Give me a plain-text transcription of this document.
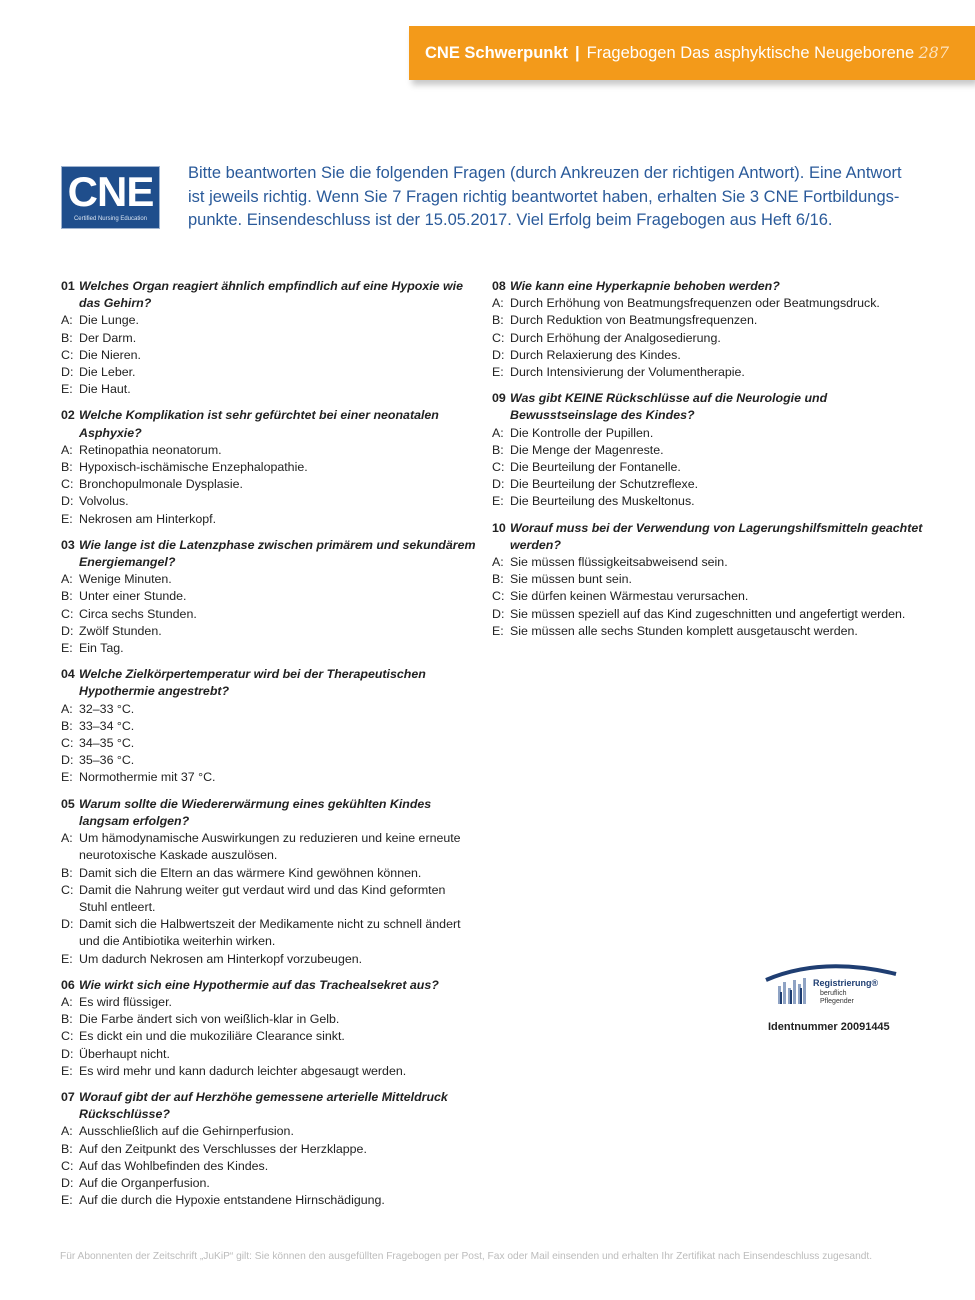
CNE Schwerpunkt | Fragebogen Das asphyktische Neugeborene 287
CNE
Certified Nursing Education
Bitte beantworten Sie die folgenden Fragen (durch Ankreuzen der richtigen Antwort). Eine Antwort ist jeweils richtig. Wenn Sie 7 Fragen richtig beantwortet haben, erhalten Sie 3 CNE Fortbildungspunkte. Einsendeschluss ist der 15.05.2017. Viel Erfolg beim Fragebogen aus Heft 6/16.
01 Welches Organ reagiert ähnlich empfindlich auf eine Hypoxie wie das Gehirn?
A: Die Lunge.
B: Der Darm.
C: Die Nieren.
D: Die Leber.
E: Die Haut.
02 Welche Komplikation ist sehr gefürchtet bei einer neonatalen Asphyxie?
A: Retinopathia neonatorum.
B: Hypoxisch-ischämische Enzephalopathie.
C: Bronchopulmonale Dysplasie.
D: Volvolus.
E: Nekrosen am Hinterkopf.
03 Wie lange ist die Latenzphase zwischen primärem und sekundärem Energiemangel?
A: Wenige Minuten.
B: Unter einer Stunde.
C: Circa sechs Stunden.
D: Zwölf Stunden.
E: Ein Tag.
04 Welche Zielkörpertemperatur wird bei der Therapeutischen Hypothermie angestrebt?
A: 32–33 °C.
B: 33–34 °C.
C: 34–35 °C.
D: 35–36 °C.
E: Normothermie mit 37 °C.
05 Warum sollte die Wiedererwärmung eines gekühlten Kindes langsam erfolgen?
A: Um hämodynamische Auswirkungen zu reduzieren und keine erneute neurotoxische Kaskade auszulösen.
B: Damit sich die Eltern an das wärmere Kind gewöhnen können.
C: Damit die Nahrung weiter gut verdaut wird und das Kind geformten Stuhl entleert.
D: Damit sich die Halbwertszeit der Medikamente nicht zu schnell ändert und die Antibiotika weiterhin wirken.
E: Um dadurch Nekrosen am Hinterkopf vorzubeugen.
06 Wie wirkt sich eine Hypothermie auf das Trachealsekret aus?
A: Es wird flüssiger.
B: Die Farbe ändert sich von weißlich-klar in Gelb.
C: Es dickt ein und die mukoziliäre Clearance sinkt.
D: Überhaupt nicht.
E: Es wird mehr und kann dadurch leichter abgesaugt werden.
07 Worauf gibt der auf Herzhöhe gemessene arterielle Mitteldruck Rückschlüsse?
A: Ausschließlich auf die Gehirnperfusion.
B: Auf den Zeitpunkt des Verschlusses der Herzklappe.
C: Auf das Wohlbefinden des Kindes.
D: Auf die Organperfusion.
E: Auf die durch die Hypoxie entstandene Hirnschädigung.
08 Wie kann eine Hyperkapnie behoben werden?
A: Durch Erhöhung von Beatmungsfrequenzen oder Beatmungsdruck.
B: Durch Reduktion von Beatmungsfrequenzen.
C: Durch Erhöhung der Analgosedierung.
D: Durch Relaxierung des Kindes.
E: Durch Intensivierung der Volumentherapie.
09 Was gibt KEINE Rückschlüsse auf die Neurologie und Bewusstseinslage des Kindes?
A: Die Kontrolle der Pupillen.
B: Die Menge der Magenreste.
C: Die Beurteilung der Fontanelle.
D: Die Beurteilung der Schutzreflexe.
E: Die Beurteilung des Muskeltonus.
10 Worauf muss bei der Verwendung von Lagerungshilfsmitteln geachtet werden?
A: Sie müssen flüssigkeitsabweisend sein.
B: Sie müssen bunt sein.
C: Sie dürfen keinen Wärmestau verursachen.
D: Sie müssen speziell auf das Kind zugeschnitten und angefertigt werden.
E: Sie müssen alle sechs Stunden komplett ausgetauscht werden.
Registrierung®
beruflich
Pflegender
Identnummer 20091445
Für Abonnenten der Zeitschrift „JuKiP“ gilt: Sie können den ausgefüllten Fragebogen per Post, Fax oder Mail einsenden und erhalten Ihr Zertifikat nach Einsendeschluss zugesandt.
